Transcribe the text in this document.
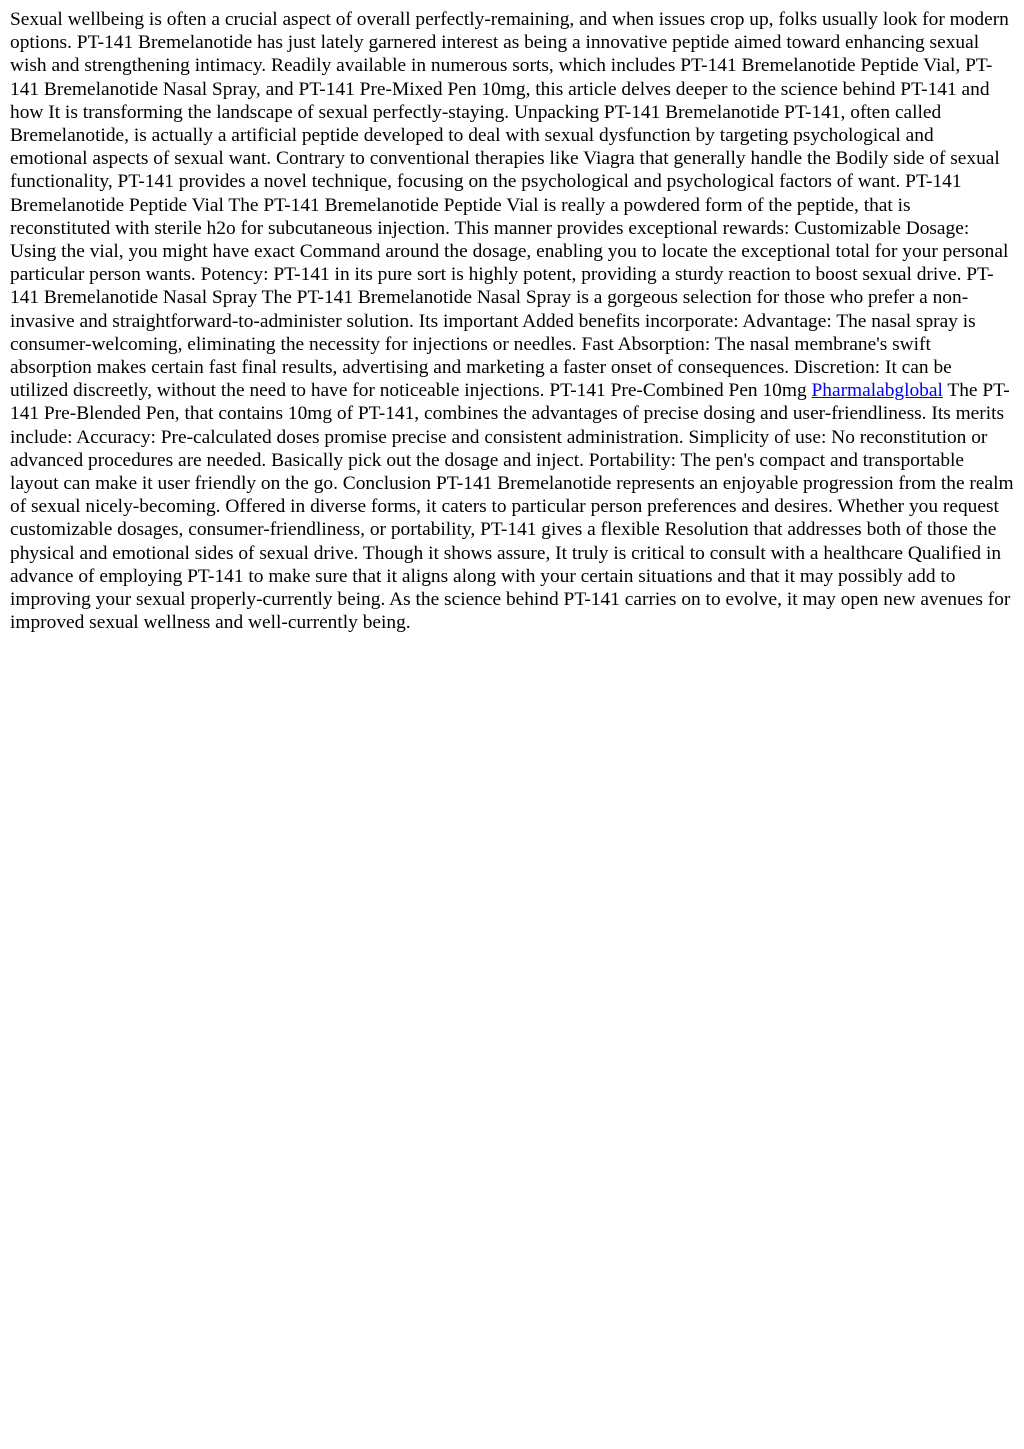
Sexual wellbeing is often a crucial aspect of overall perfectly-remaining, and when issues crop up, folks usually look for modern options. PT-141 Bremelanotide has just lately garnered interest as being a innovative peptide aimed toward enhancing sexual wish and strengthening intimacy. Readily available in numerous sorts, which includes PT-141 Bremelanotide Peptide Vial, PT-141 Bremelanotide Nasal Spray, and PT-141 Pre-Mixed Pen 10mg, this article delves deeper to the science behind PT-141 and how It is transforming the landscape of sexual perfectly-staying. Unpacking PT-141 Bremelanotide PT-141, often called Bremelanotide, is actually a artificial peptide developed to deal with sexual dysfunction by targeting psychological and emotional aspects of sexual want. Contrary to conventional therapies like Viagra that generally handle the Bodily side of sexual functionality, PT-141 provides a novel technique, focusing on the psychological and psychological factors of want. PT-141 Bremelanotide Peptide Vial The PT-141 Bremelanotide Peptide Vial is really a powdered form of the peptide, that is reconstituted with sterile h2o for subcutaneous injection. This manner provides exceptional rewards: Customizable Dosage: Using the vial, you might have exact Command around the dosage, enabling you to locate the exceptional total for your personal particular person wants. Potency: PT-141 in its pure sort is highly potent, providing a sturdy reaction to boost sexual drive. PT-141 Bremelanotide Nasal Spray The PT-141 Bremelanotide Nasal Spray is a gorgeous selection for those who prefer a non-invasive and straightforward-to-administer solution. Its important Added benefits incorporate: Advantage: The nasal spray is consumer-welcoming, eliminating the necessity for injections or needles. Fast Absorption: The nasal membrane's swift absorption makes certain fast final results, advertising and marketing a faster onset of consequences. Discretion: It can be utilized discreetly, without the need to have for noticeable injections. PT-141 Pre-Combined Pen 10mg Pharmalabglobal The PT-141 Pre-Blended Pen, that contains 10mg of PT-141, combines the advantages of precise dosing and user-friendliness. Its merits include: Accuracy: Pre-calculated doses promise precise and consistent administration. Simplicity of use: No reconstitution or advanced procedures are needed. Basically pick out the dosage and inject. Portability: The pen's compact and transportable layout can make it user friendly on the go. Conclusion PT-141 Bremelanotide represents an enjoyable progression from the realm of sexual nicely-becoming. Offered in diverse forms, it caters to particular person preferences and desires. Whether you request customizable dosages, consumer-friendliness, or portability, PT-141 gives a flexible Resolution that addresses both of those the physical and emotional sides of sexual drive. Though it shows assure, It truly is critical to consult with a healthcare Qualified in advance of employing PT-141 to make sure that it aligns along with your certain situations and that it may possibly add to improving your sexual properly-currently being. As the science behind PT-141 carries on to evolve, it may open new avenues for improved sexual wellness and well-currently being.
